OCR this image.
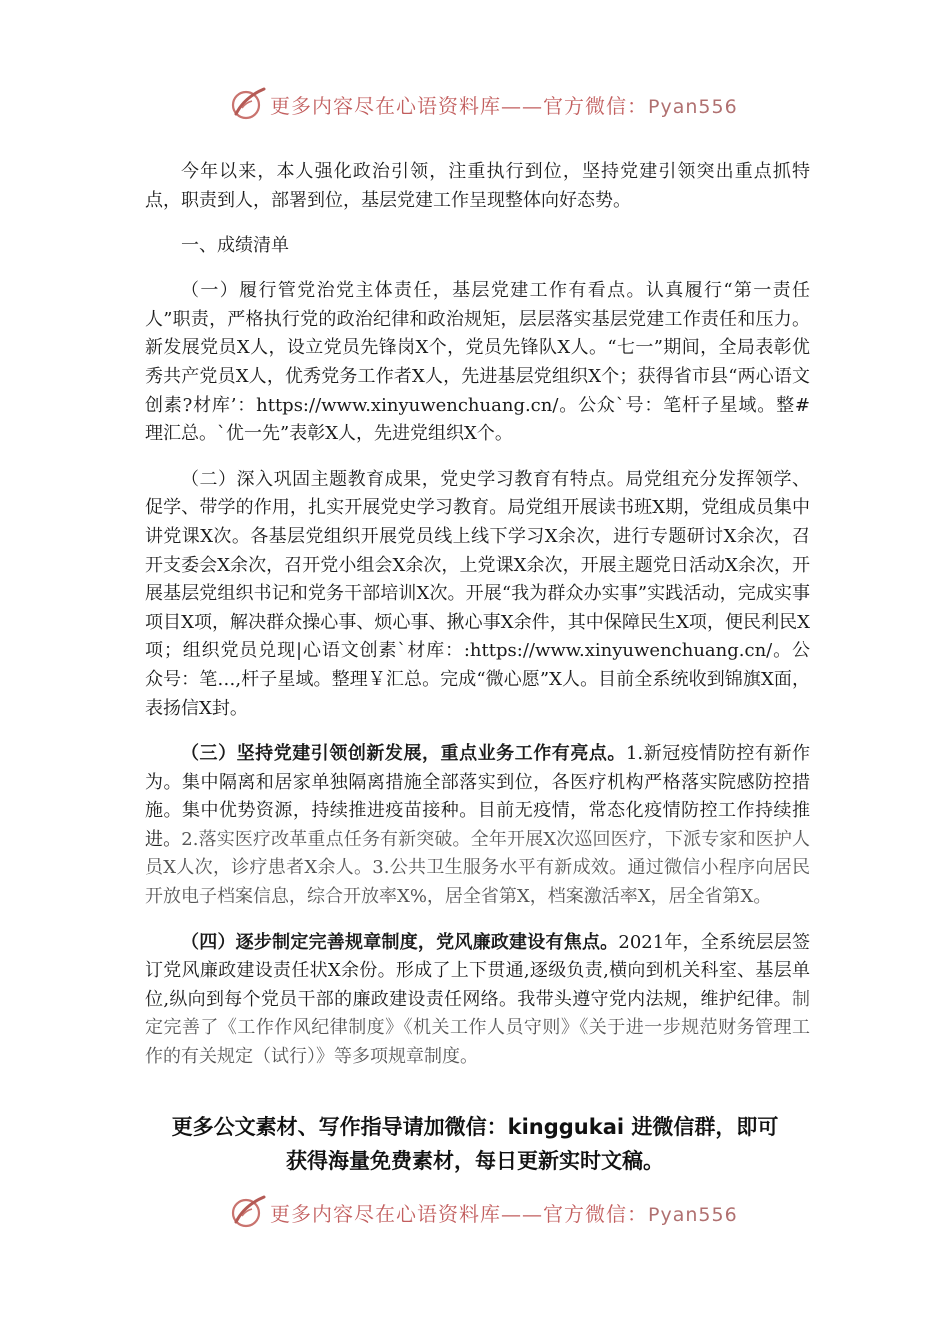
更多内容尽在心语资料库——官方微信：Pyan556

今年以来，本人强化政治引领，注重执行到位，坚持党建引领突出重点抓特点，职责到人，部署到位，基层党建工作呈现整体向好态势。

一、成绩清单

（一）履行管党治党主体责任，基层党建工作有看点。认真履行“第一责任人”职责，严格执行党的政治纪律和政治规矩，层层落实基层党建工作责任和压力。新发展党员X人，设立党员先锋岗X个，党员先锋队X人。“七一”期间，全局表彰优秀共产党员X人，优秀党务工作者X人，先进基层党组织X个；获得省市县“两心语文创素?材库’：https://www.xinyuwenchuang.cn/。公众`号：笔杆子星域。整#理汇总。`优一先”表彰X人，先进党组织X个。

（二）深入巩固主题教育成果，党史学习教育有特点。局党组充分发挥领学、促学、带学的作用，扎实开展党史学习教育。局党组开展读书班X期，党组成员集中讲党课X次。各基层党组织开展党员线上线下学习X余次，进行专题研讨X余次，召开支委会X余次，召开党小组会X余次，上党课X余次，开展主题党日活动X余次，开展基层党组织书记和党务干部培训X次。开展“我为群众办实事”实践活动，完成实事项目X项，解决群众操心事、烦心事、揪心事X余件，其中保障民生X项，便民利民X项；组织党员兑现|心语文创素`材库：:https://www.xinyuwenchuang.cn/。公众号：笔…,杆子星域。整理￥汇总。完成“微心愿”X人。目前全系统收到锦旗X面，表扬信X封。

（三）坚持党建引领创新发展，重点业务工作有亮点。1.新冠疫情防控有新作为。集中隔离和居家单独隔离措施全部落实到位，各医疗机构严格落实院感防控措施。集中优势资源，持续推进疫苗接种。目前无疫情，常态化疫情防控工作持续推进。2.落实医疗改革重点任务有新突破。全年开展X次巡回医疗，下派专家和医护人员X人次，诊疗患者X余人。3.公共卫生服务水平有新成效。通过微信小程序向居民开放电子档案信息，综合开放率X%，居全省第X，档案激活率X，居全省第X。

（四）逐步制定完善规章制度，党风廉政建设有焦点。2021年，全系统层层签订党风廉政建设责任状X余份。形成了上下贯通,逐级负责,横向到机关科室、基层单位,纵向到每个党员干部的廉政建设责任网络。我带头遵守党内法规，维护纪律。制定完善了《工作作风纪律制度》《机关工作人员守则》《关于进一步规范财务管理工作的有关规定（试行）》等多项规章制度。

更多公文素材、写作指导请加微信：kinggukai 进微信群，即可
获得海量免费素材，每日更新实时文稿。
更多内容尽在心语资料库——官方微信：Pyan556
